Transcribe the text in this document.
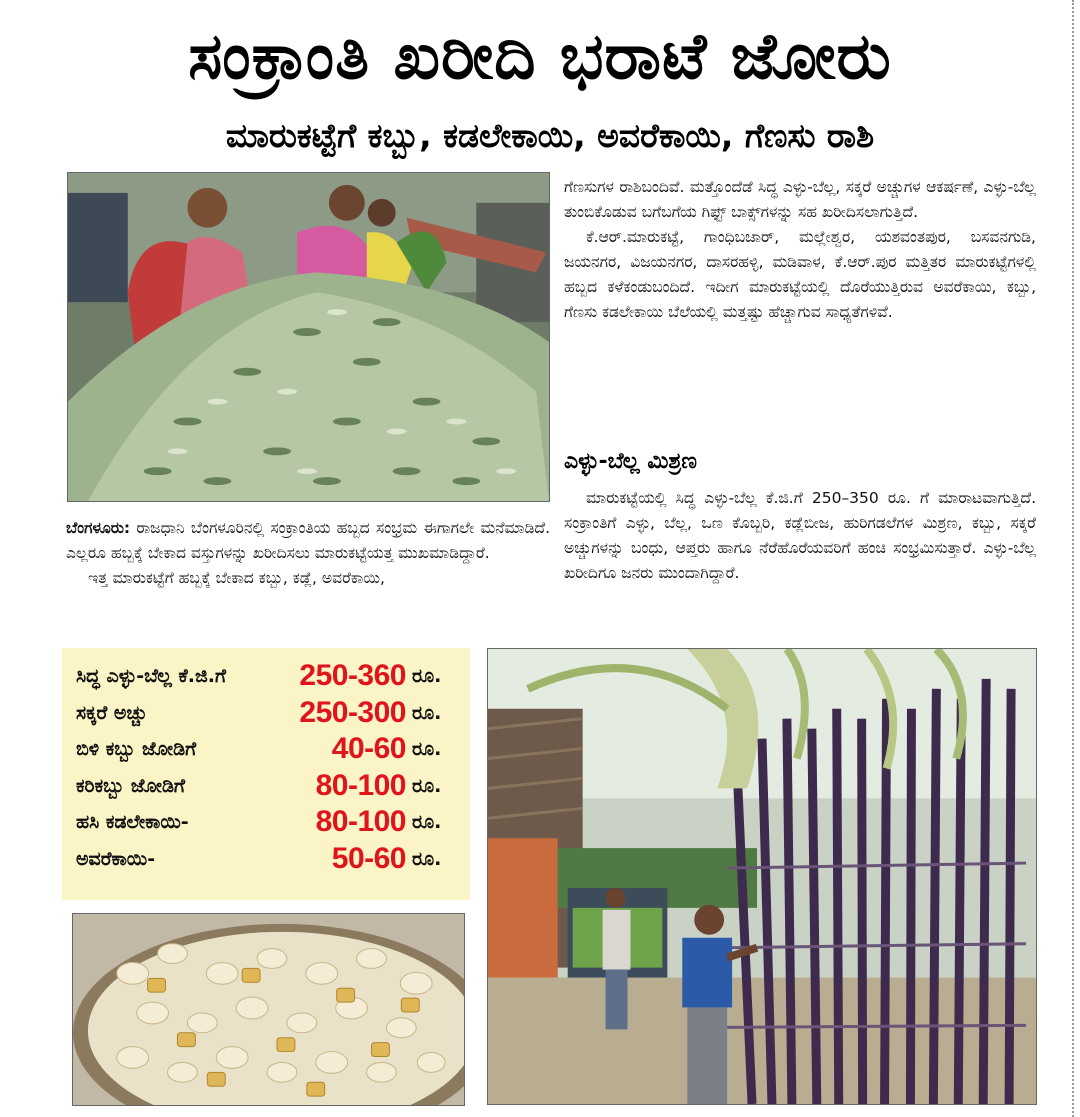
ಸಂಕ್ರಾಂತಿ ಖರೀದಿ ಭರಾಟೆ ಜೋರು
ಮಾರುಕಟ್ಟೆಗೆ ಕಬ್ಬು, ಕಡಲೇಕಾಯಿ, ಅವರೆಕಾಯಿ, ಗೆಣಸು ರಾಶಿ

ಗೆಣಸುಗಳ ರಾಶಿಬಂದಿವೆ. ಮತ್ತೊಂದೆಡೆ ಸಿದ್ಧ ಎಳ್ಳು-ಬೆಲ್ಲ, ಸಕ್ಕರೆ ಅಚ್ಚುಗಳ ಆಕರ್ಷಣೆ, ಎಳ್ಳು-ಬೆಲ್ಲ ತುಂಬಿಕೊಡುವ ಬಗೆಬಗೆಯ ಗಿಫ್ಟ್ ಬಾಕ್ಸ್‌ಗಳನ್ನು ಸಹ ಖರೀದಿಸಲಾಗುತ್ತಿದೆ.

ಕೆ.ಆರ್.ಮಾರುಕಟ್ಟೆ, ಗಾಂಧಿಬಜಾರ್, ಮಲ್ಲೇಶ್ವರ, ಯಶವಂತಪುರ, ಬಸವನಗುಡಿ, ಜಯನಗರ, ವಿಜಯನಗರ, ದಾಸರಹಳ್ಳಿ, ಮಡಿವಾಳ, ಕೆ.ಆರ್.ಪುರ ಮತ್ತಿತರ ಮಾರುಕಟ್ಟೆಗಳಲ್ಲಿ ಹಬ್ಬದ ಕಳೆಕಂಡುಬಂದಿದೆ. ಇದೀಗ ಮಾರುಕಟ್ಟೆಯಲ್ಲಿ ದೊರೆಯುತ್ತಿರುವ ಅವರೆಕಾಯಿ, ಕಬ್ಬು, ಗೆಣಸು ಕಡಲೇಕಾಯಿ ಬೆಲೆಯಲ್ಲಿ ಮತ್ತಷ್ಟು ಹೆಚ್ಚಾಗುವ ಸಾಧ್ಯತೆಗಳಿವೆ.

ಎಳ್ಳು-ಬೆಲ್ಲ ಮಿಶ್ರಣ

ಮಾರುಕಟ್ಟೆಯಲ್ಲಿ ಸಿದ್ಧ ಎಳ್ಳು-ಬೆಲ್ಲ ಕೆ.ಜಿ.ಗೆ 250–350 ರೂ. ಗೆ ಮಾರಾಟವಾಗುತ್ತಿದೆ. ಸಂಕ್ರಾಂತಿಗೆ ಎಳ್ಳು, ಬೆಲ್ಲ, ಒಣ ಕೊಬ್ಬರಿ, ಕಡ್ಲೆಬೀಜ, ಹುರಿಗಡಲೆಗಳ ಮಿಶ್ರಣ, ಕಬ್ಬು, ಸಕ್ಕರೆ ಅಚ್ಚುಗಳನ್ನು ಬಂಧು, ಆಪ್ತರು ಹಾಗೂ ನೆರೆಹೊರೆಯವರಿಗೆ ಹಂಚಿ ಸಂಭ್ರಮಿಸುತ್ತಾರೆ. ಎಳ್ಳು-ಬೆಲ್ಲ ಖರೀದಿಗೂ ಜನರು ಮುಂದಾಗಿದ್ದಾರೆ.

ಬೆಂಗಳೂರು: ರಾಜಧಾನಿ ಬೆಂಗಳೂರಿನಲ್ಲಿ ಸಂಕ್ರಾಂತಿಯ ಹಬ್ಬದ ಸಂಭ್ರಮ ಈಗಾಗಲೇ ಮನೆಮಾಡಿದೆ. ಎಲ್ಲರೂ ಹಬ್ಬಕ್ಕೆ ಬೇಕಾದ ವಸ್ತುಗಳನ್ನು ಖರೀದಿಸಲು ಮಾರುಕಟ್ಟೆಯತ್ತ ಮುಖಮಾಡಿದ್ದಾರೆ.

ಇತ್ತ ಮಾರುಕಟ್ಟೆಗೆ ಹಬ್ಬಕ್ಕೆ ಬೇಕಾದ ಕಬ್ಬು, ಕಡ್ಲೆ, ಅವರೆಕಾಯಿ,

ಸಿದ್ಧ ಎಳ್ಳು-ಬೆಲ್ಲ ಕೆ.ಜಿ.ಗೆ	250-360 ರೂ.
ಸಕ್ಕರೆ ಅಚ್ಚು	250-300 ರೂ.
ಬಿಳಿ ಕಬ್ಬು ಜೋಡಿಗೆ	40-60 ರೂ.
ಕರಿಕಬ್ಬು ಜೋಡಿಗೆ	80-100 ರೂ.
ಹಸಿ ಕಡಲೇಕಾಯಿ-	80-100 ರೂ.
ಅವರೆಕಾಯಿ-	50-60 ರೂ.
